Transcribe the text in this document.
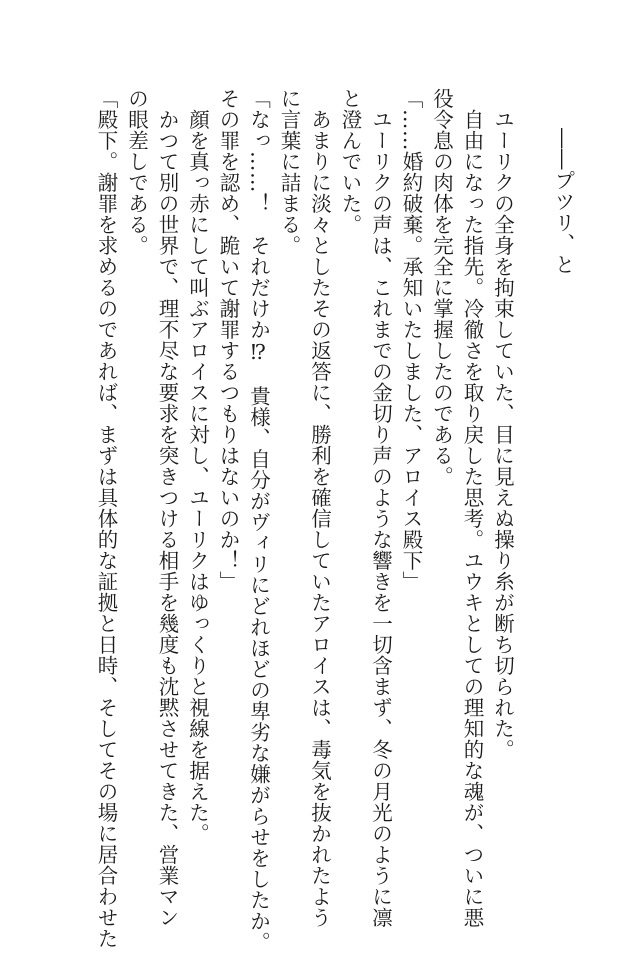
――プツリ、と

　ユーリクの全身を拘束していた、目に見えぬ操り糸が断ち切られた。

　自由になった指先。冷徹さを取り戻した思考。ユウキとしての理知的な魂が、ついに悪

役令息の肉体を完全に掌握したのである。

「……婚約破棄。承知いたしました、アロイス殿下」

　ユーリクの声は、これまでの金切り声のような響きを一切含まず、冬の月光のように凛

と澄んでいた。

　あまりに淡々としたその返答に、勝利を確信していたアロイスは、毒気を抜かれたよう

に言葉に詰まる。

「なっ……！　それだけか⁉　貴様、自分がヴィリにどれほどの卑劣な嫌がらせをしたか。

その罪を認め、跪いて謝罪するつもりはないのか！」

　顔を真っ赤にして叫ぶアロイスに対し、ユーリクはゆっくりと視線を据えた。

　かつて別の世界で、理不尽な要求を突きつける相手を幾度も沈黙させてきた、営業マン

の眼差しである。

「殿下。謝罪を求めるのであれば、まずは具体的な証拠と日時、そしてその場に居合わせた
